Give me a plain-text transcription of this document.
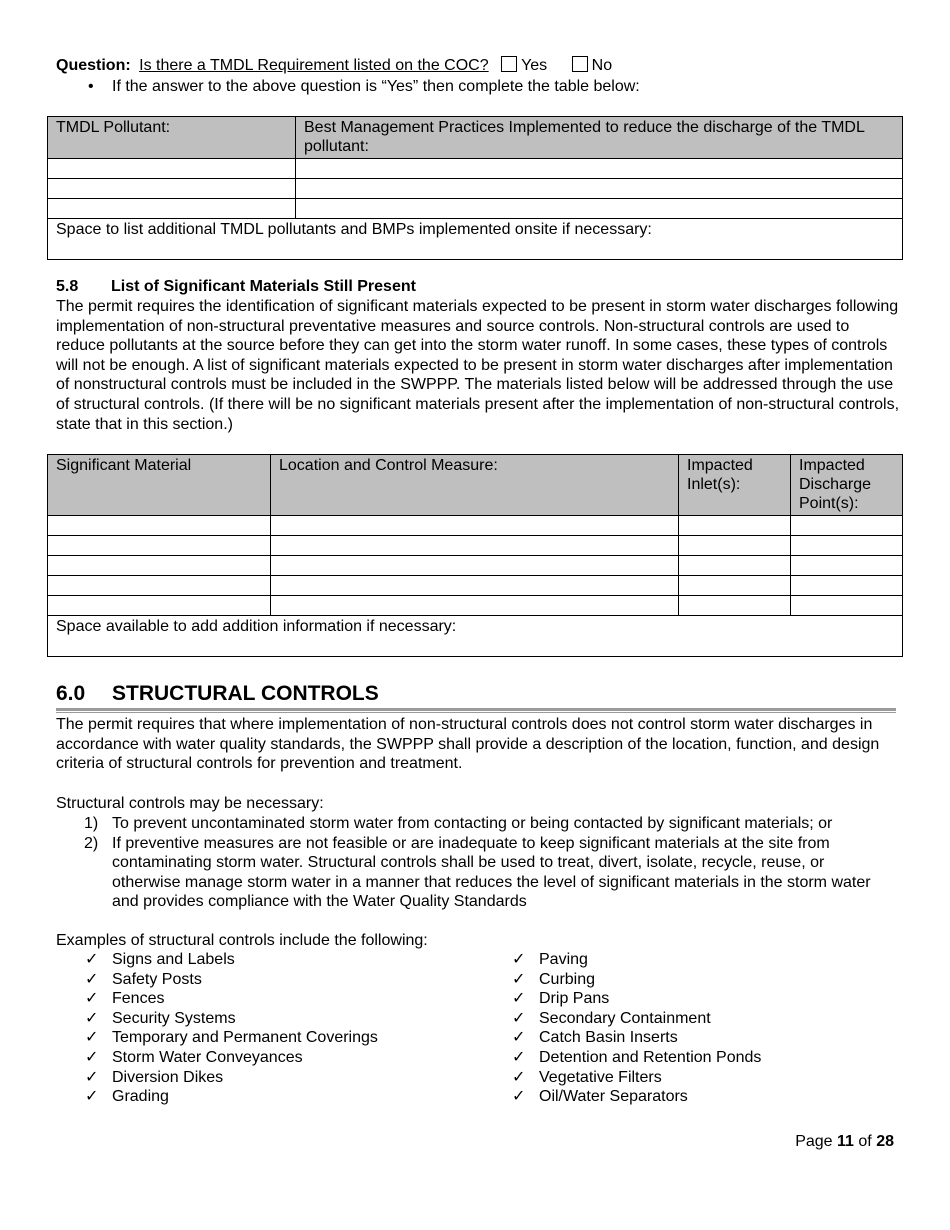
Question: Is there a TMDL Requirement listed on the COC? Yes	No
• If the answer to the above question is “Yes” then complete the table below:
TMDL Pollutant:	Best Management Practices Implemented to reduce the discharge of the TMDL pollutant:

Space to list additional TMDL pollutants and BMPs implemented onsite if necessary:	
5.8 List of Significant Materials Still Present
The permit requires the identification of significant materials expected to be present in storm water discharges following implementation of non-structural preventative measures and source controls. Non-structural controls are used to reduce pollutants at the source before they can get into the storm water runoff. In some cases, these types of controls will not be enough. A list of significant materials expected to be present in storm water discharges after implementation of nonstructural controls must be included in the SWPPP. The materials listed below will be addressed through the use of structural controls. (If there will be no significant materials present after the implementation of non-structural controls, state that in this section.)
Significant Material	Location and Control Measure:	Impacted Inlet(s):	Impacted Discharge Point(s):

Space available to add addition information if necessary:			
6.0 STRUCTURAL CONTROLS
The permit requires that where implementation of non-structural controls does not control storm water discharges in accordance with water quality standards, the SWPPP shall provide a description of the location, function, and design criteria of structural controls for prevention and treatment.
Structural controls may be necessary:
1) To prevent uncontaminated storm water from contacting or being contacted by significant materials; or
2) If preventive measures are not feasible or are inadequate to keep significant materials at the site from contaminating storm water. Structural controls shall be used to treat, divert, isolate, recycle, reuse, or otherwise manage storm water in a manner that reduces the level of significant materials in the storm water and provides compliance with the Water Quality Standards
Examples of structural controls include the following:
✓ Signs and Labels
✓ Safety Posts
✓ Fences
✓ Security Systems
✓ Temporary and Permanent Coverings
✓ Storm Water Conveyances
✓ Diversion Dikes
✓ Grading
✓ Paving
✓ Curbing
✓ Drip Pans
✓ Secondary Containment
✓ Catch Basin Inserts
✓ Detention and Retention Ponds
✓ Vegetative Filters
✓ Oil/Water Separators
Page 11 of 28
